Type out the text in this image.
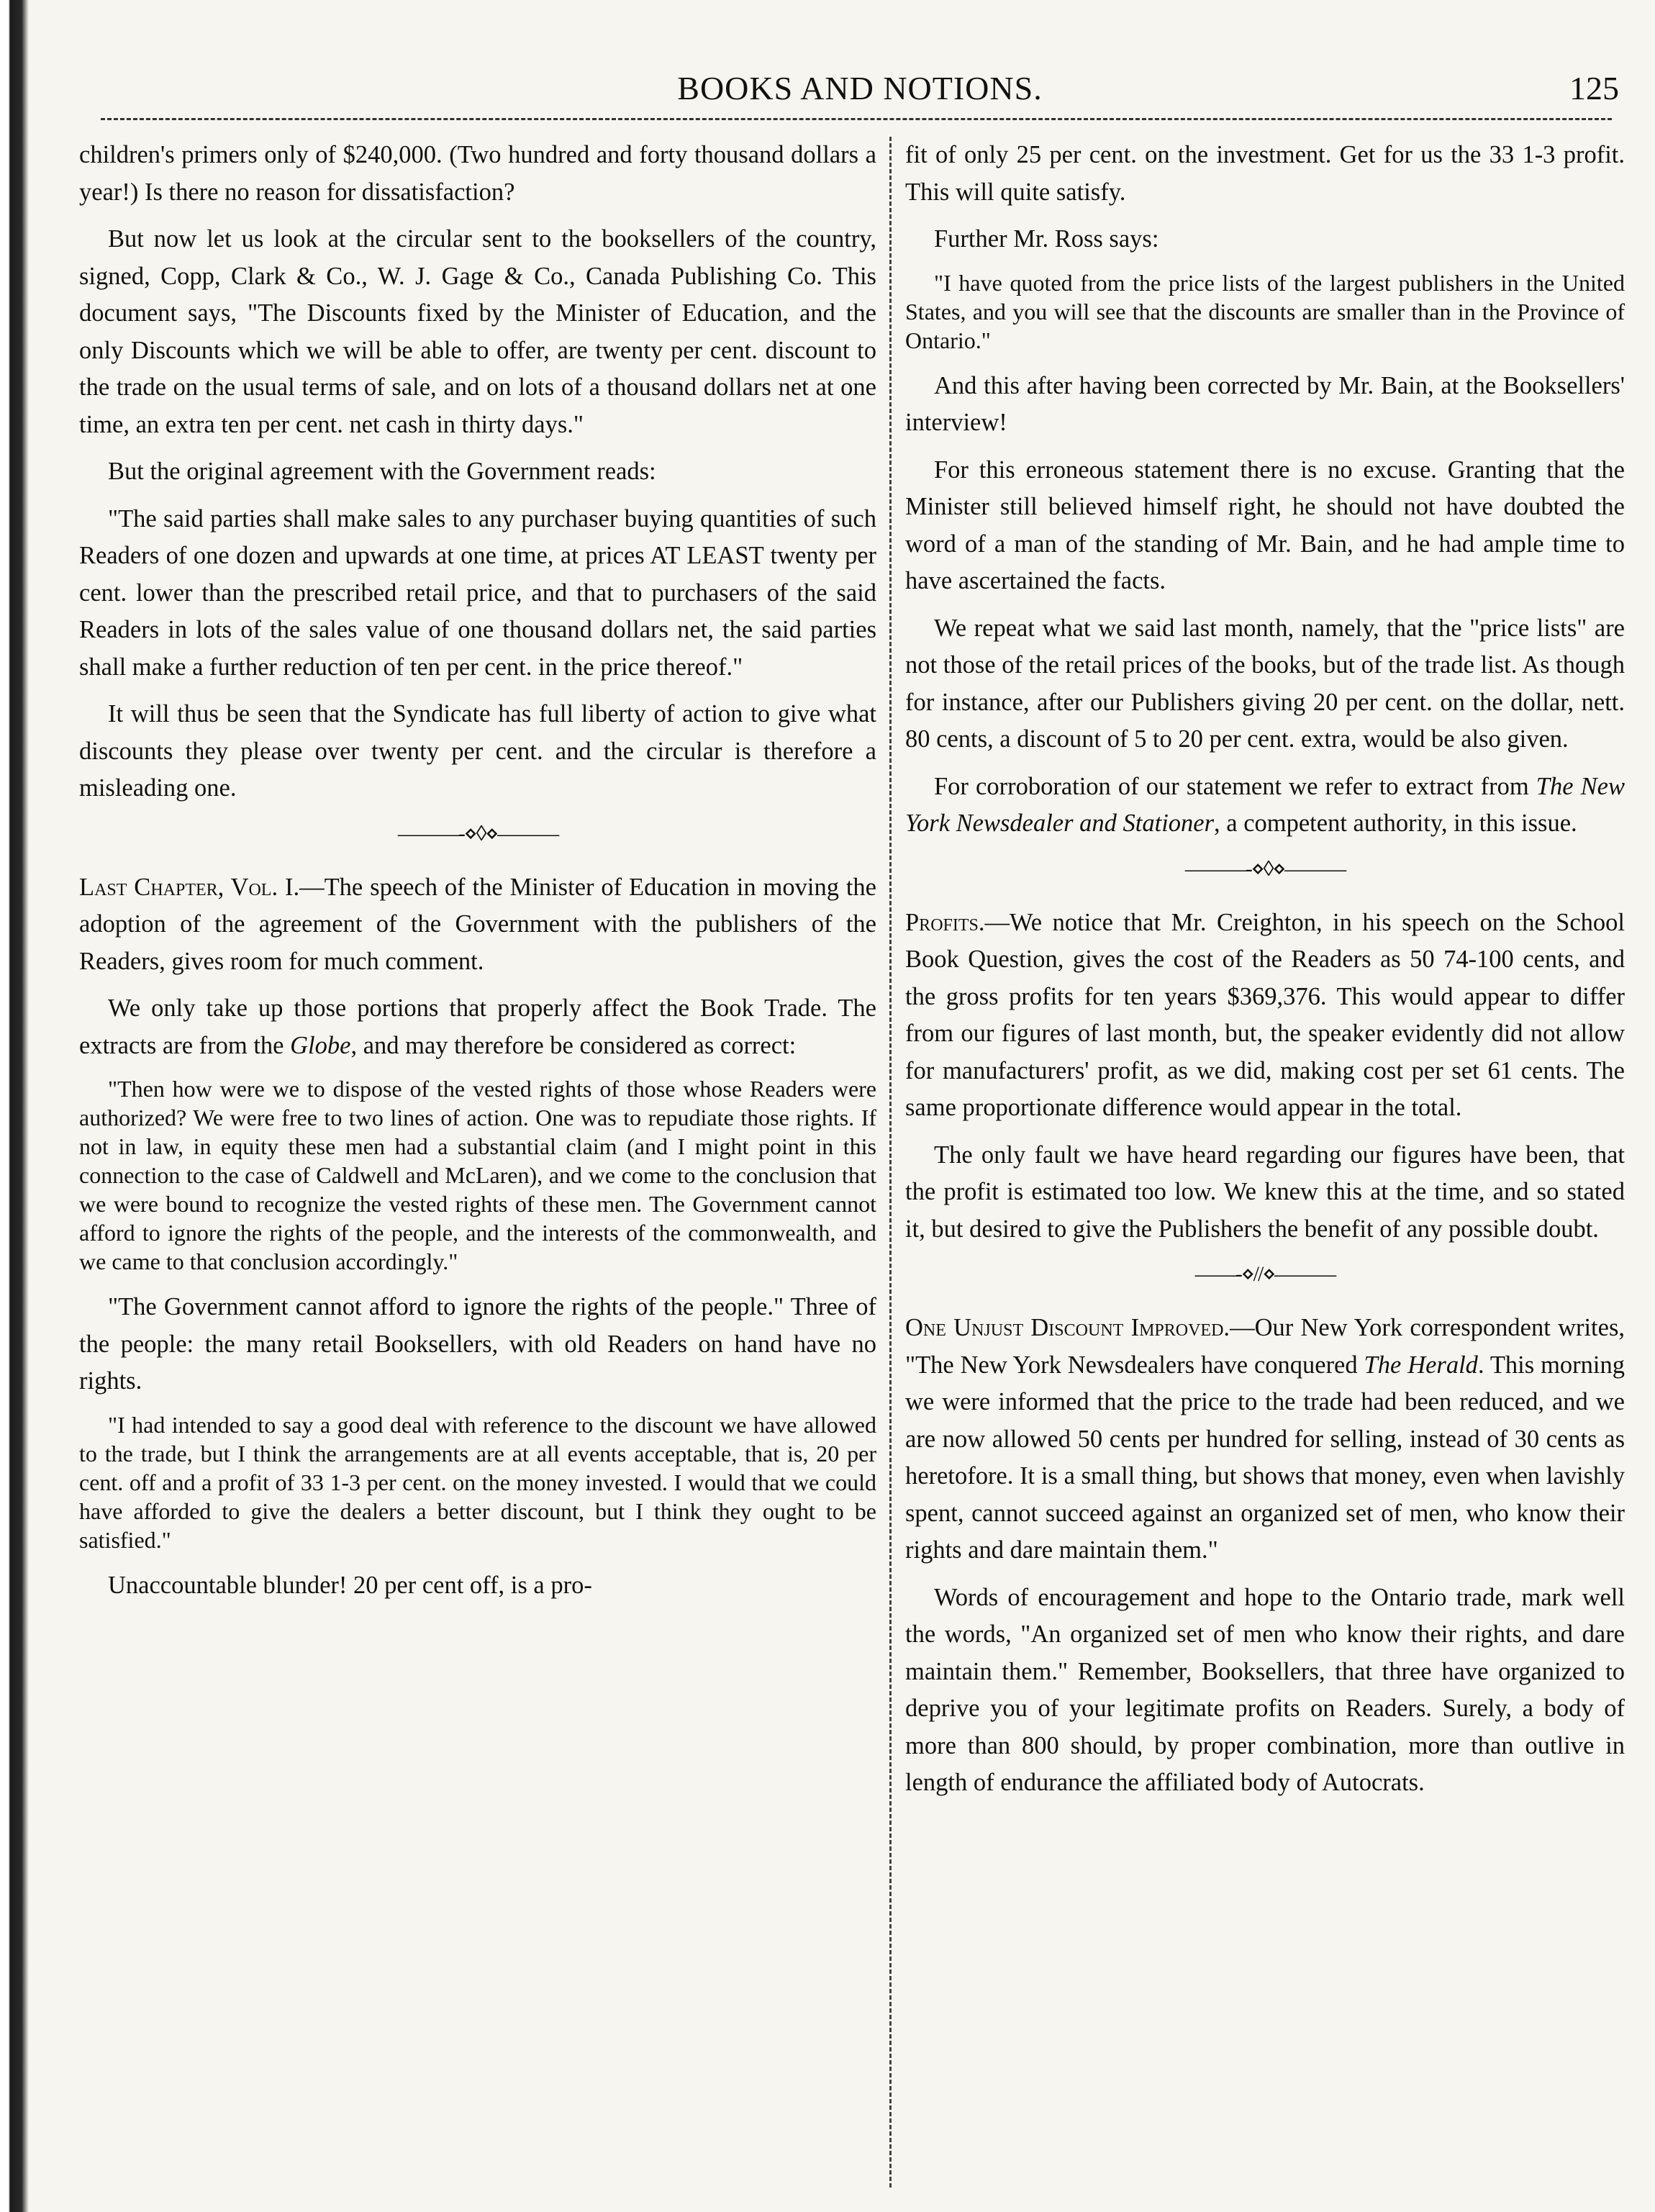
BOOKS AND NOTIONS.	125

children's primers only of $240,000. (Two hundred and forty thousand dollars a year!) Is there no reason for dissatisfaction?

But now let us look at the circular sent to the booksellers of the country, signed, Copp, Clark & Co., W. J. Gage & Co., Canada Publishing Co. This document says, "The Discounts fixed by the Minister of Education, and the only Discounts which we will be able to offer, are twenty per cent. discount to the trade on the usual terms of sale, and on lots of a thousand dollars net at one time, an extra ten per cent. net cash in thirty days."

But the original agreement with the Government reads:

"The said parties shall make sales to any purchaser buying quantities of such Readers of one dozen and upwards at one time, at prices AT LEAST twenty per cent. lower than the prescribed retail price, and that to purchasers of the said Readers in lots of the sales value of one thousand dollars net, the said parties shall make a further reduction of ten per cent. in the price thereof."

It will thus be seen that the Syndicate has full liberty of action to give what discounts they please over twenty per cent. and the circular is therefore a misleading one.

———-⋄◊⋄———

Last Chapter, Vol. I.—The speech of the Minister of Education in moving the adoption of the agreement of the Government with the publishers of the Readers, gives room for much comment.

We only take up those portions that properly affect the Book Trade. The extracts are from the Globe, and may therefore be considered as correct:

"Then how were we to dispose of the vested rights of those whose Readers were authorized? We were free to two lines of action. One was to repudiate those rights. If not in law, in equity these men had a substantial claim (and I might point in this connection to the case of Caldwell and McLaren), and we come to the conclusion that we were bound to recognize the vested rights of these men. The Government cannot afford to ignore the rights of the people, and the interests of the commonwealth, and we came to that conclusion accordingly."

"The Government cannot afford to ignore the rights of the people." Three of the people: the many retail Booksellers, with old Readers on hand have no rights.

"I had intended to say a good deal with reference to the discount we have allowed to the trade, but I think the arrangements are at all events acceptable, that is, 20 per cent. off and a profit of 33 1-3 per cent. on the money invested. I would that we could have afforded to give the dealers a better discount, but I think they ought to be satisfied."

Unaccountable blunder! 20 per cent off, is a pro-

fit of only 25 per cent. on the investment. Get for us the 33 1-3 profit. This will quite satisfy.

Further Mr. Ross says:

"I have quoted from the price lists of the largest publishers in the United States, and you will see that the discounts are smaller than in the Province of Ontario."

And this after having been corrected by Mr. Bain, at the Booksellers' interview!

For this erroneous statement there is no excuse. Granting that the Minister still believed himself right, he should not have doubted the word of a man of the standing of Mr. Bain, and he had ample time to have ascertained the facts.

We repeat what we said last month, namely, that the "price lists" are not those of the retail prices of the books, but of the trade list. As though for instance, after our Publishers giving 20 per cent. on the dollar, nett. 80 cents, a discount of 5 to 20 per cent. extra, would be also given.

For corroboration of our statement we refer to extract from The New York Newsdealer and Stationer, a competent authority, in this issue.

———-⋄◊⋄———

Profits.—We notice that Mr. Creighton, in his speech on the School Book Question, gives the cost of the Readers as 50 74-100 cents, and the gross profits for ten years $369,376. This would appear to differ from our figures of last month, but, the speaker evidently did not allow for manufacturers' profit, as we did, making cost per set 61 cents. The same proportionate difference would appear in the total.

The only fault we have heard regarding our figures have been, that the profit is estimated too low. We knew this at the time, and so stated it, but desired to give the Publishers the benefit of any possible doubt.

——-⋄//⋄———

One Unjust Discount Improved.—Our New York correspondent writes, "The New York Newsdealers have conquered The Herald. This morning we were informed that the price to the trade had been reduced, and we are now allowed 50 cents per hundred for selling, instead of 30 cents as heretofore. It is a small thing, but shows that money, even when lavishly spent, cannot succeed against an organized set of men, who know their rights and dare maintain them."

Words of encouragement and hope to the Ontario trade, mark well the words, "An organized set of men who know their rights, and dare maintain them." Remember, Booksellers, that three have organized to deprive you of your legitimate profits on Readers. Surely, a body of more than 800 should, by proper combination, more than outlive in length of endurance the affiliated body of Autocrats.
